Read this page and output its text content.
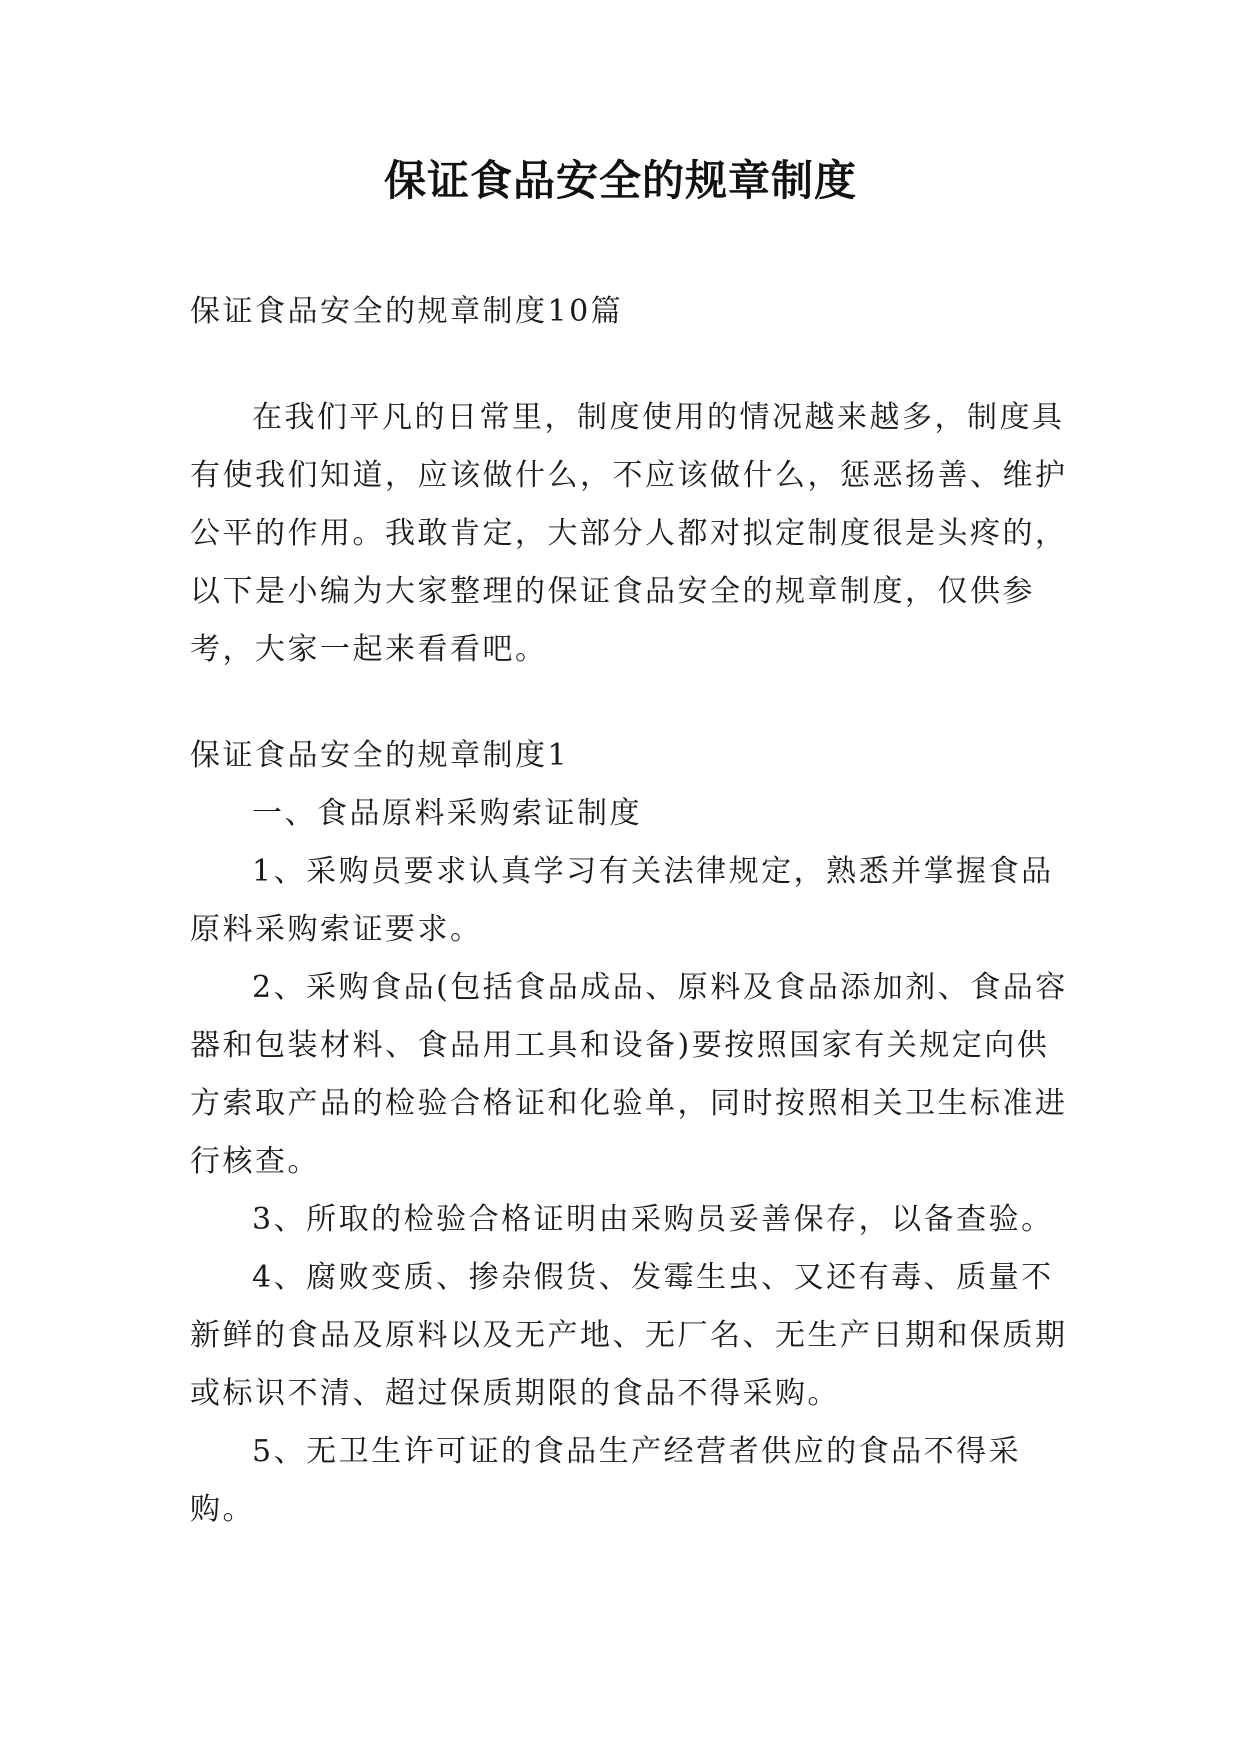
保证食品安全的规章制度

保证食品安全的规章制度10篇

在我们平凡的日常里，制度使用的情况越来越多，制度具有使我们知道，应该做什么，不应该做什么，惩恶扬善、维护公平的作用。我敢肯定，大部分人都对拟定制度很是头疼的，以下是小编为大家整理的保证食品安全的规章制度，仅供参考，大家一起来看看吧。

保证食品安全的规章制度1

一、食品原料采购索证制度

1、采购员要求认真学习有关法律规定，熟悉并掌握食品原料采购索证要求。

2、采购食品(包括食品成品、原料及食品添加剂、食品容器和包装材料、食品用工具和设备)要按照国家有关规定向供方索取产品的检验合格证和化验单，同时按照相关卫生标准进行核查。

3、所取的检验合格证明由采购员妥善保存，以备查验。

4、腐败变质、掺杂假货、发霉生虫、又还有毒、质量不新鲜的食品及原料以及无产地、无厂名、无生产日期和保质期或标识不清、超过保质期限的食品不得采购。

5、无卫生许可证的食品生产经营者供应的食品不得采购。
